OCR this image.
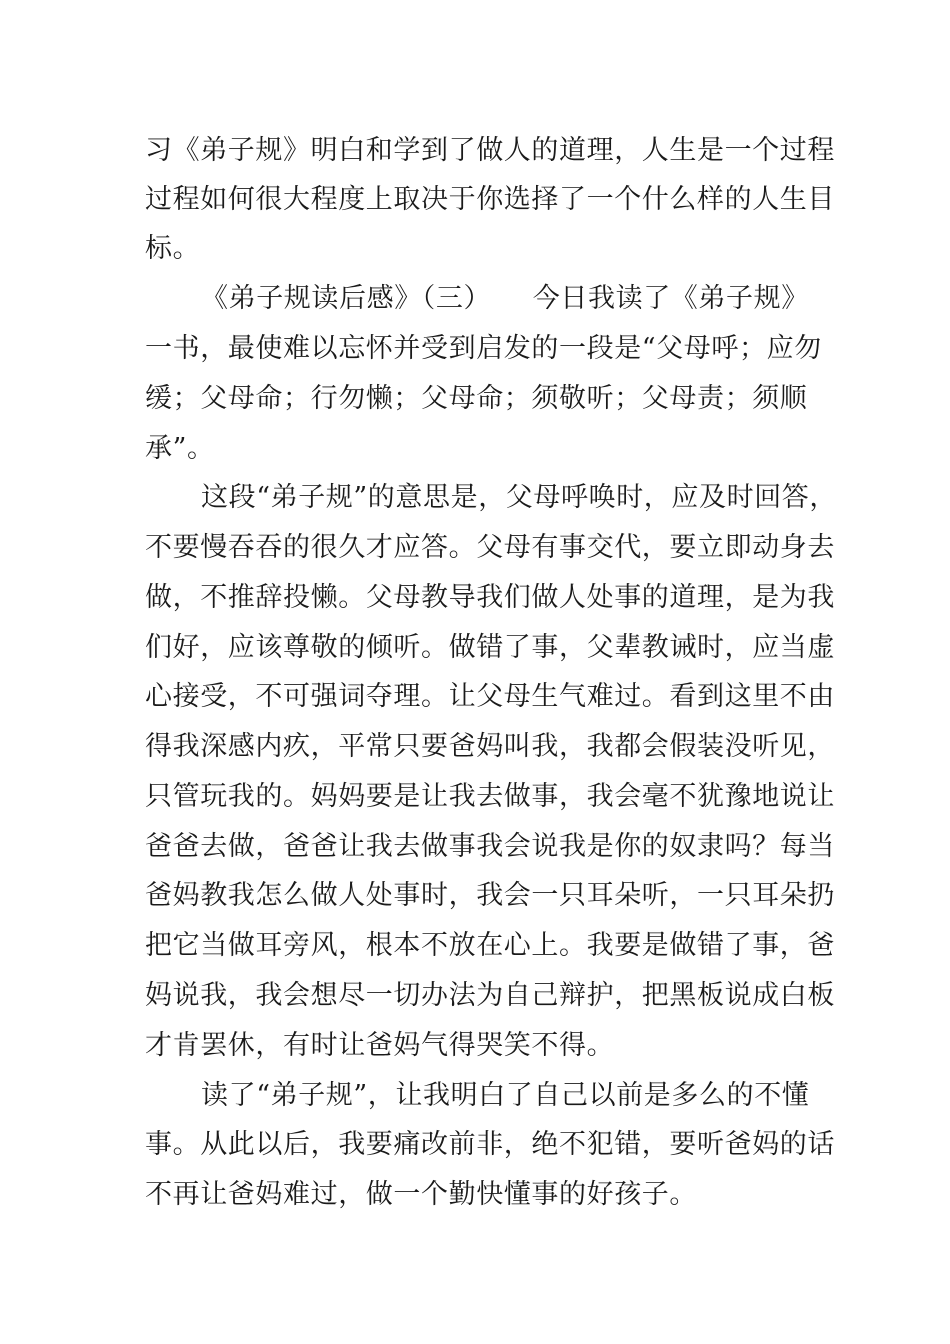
习《弟子规》明白和学到了做人的道理，人生是一个过程

过程如何很大程度上取决于你选择了一个什么样的人生目

标。

《弟子规读后感》（三）　　今日我读了《弟子规》

一书，最使难以忘怀并受到启发的一段是“父母呼；应勿

缓；父母命；行勿懒；父母命；须敬听；父母责；须顺

承”。

这段“弟子规”的意思是，父母呼唤时，应及时回答，

不要慢吞吞的很久才应答。父母有事交代，要立即动身去

做，不推辞投懒。父母教导我们做人处事的道理，是为我

们好，应该尊敬的倾听。做错了事，父辈教诫时，应当虚

心接受，不可强词夺理。让父母生气难过。看到这里不由

得我深感内疚，平常只要爸妈叫我，我都会假装没听见，

只管玩我的。妈妈要是让我去做事，我会毫不犹豫地说让

爸爸去做，爸爸让我去做事我会说我是你的奴隶吗？每当

爸妈教我怎么做人处事时，我会一只耳朵听，一只耳朵扔

把它当做耳旁风，根本不放在心上。我要是做错了事，爸

妈说我，我会想尽一切办法为自己辩护，把黑板说成白板

才肯罢休，有时让爸妈气得哭笑不得。

读了“弟子规”，让我明白了自己以前是多么的不懂

事。从此以后，我要痛改前非，绝不犯错，要听爸妈的话

不再让爸妈难过，做一个勤快懂事的好孩子。
